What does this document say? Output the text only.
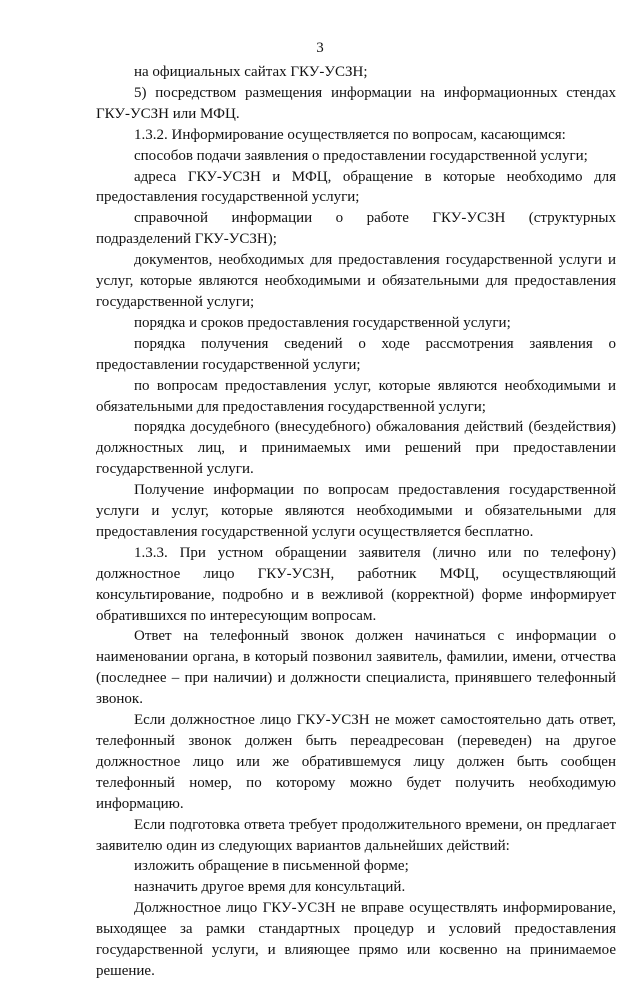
3

на официальных сайтах ГКУ-УСЗН;

5) посредством размещения информации на информационных стендах ГКУ-УСЗН или МФЦ.

1.3.2. Информирование осуществляется по вопросам, касающимся:

способов подачи заявления о предоставлении государственной услуги;

адреса ГКУ-УСЗН и МФЦ, обращение в которые необходимо для предоставления государственной услуги;

справочной информации о работе ГКУ-УСЗН (структурных подразделений ГКУ-УСЗН);

документов, необходимых для предоставления государственной услуги и услуг, которые являются необходимыми и обязательными для предоставления государственной услуги;

порядка и сроков предоставления государственной услуги;

порядка получения сведений о ходе рассмотрения заявления о предоставлении государственной услуги;

по вопросам предоставления услуг, которые являются необходимыми и обязательными для предоставления государственной услуги;

порядка досудебного (внесудебного) обжалования действий (бездействия) должностных лиц, и принимаемых ими решений при предоставлении государственной услуги.

Получение информации по вопросам предоставления государственной услуги и услуг, которые являются необходимыми и обязательными для предоставления государственной услуги осуществляется бесплатно.

1.3.3. При устном обращении заявителя (лично или по телефону) должностное лицо ГКУ-УСЗН, работник МФЦ, осуществляющий консультирование, подробно и в вежливой (корректной) форме информирует обратившихся по интересующим вопросам.

Ответ на телефонный звонок должен начинаться с информации о наименовании органа, в который позвонил заявитель, фамилии, имени, отчества (последнее – при наличии) и должности специалиста, принявшего телефонный звонок.

Если должностное лицо ГКУ-УСЗН не может самостоятельно дать ответ, телефонный звонок должен быть переадресован (переведен) на другое должностное лицо или же обратившемуся лицу должен быть сообщен телефонный номер, по которому можно будет получить необходимую информацию.

Если подготовка ответа требует продолжительного времени, он предлагает заявителю один из следующих вариантов дальнейших действий:

изложить обращение в письменной форме;

назначить другое время для консультаций.

Должностное лицо ГКУ-УСЗН не вправе осуществлять информирование, выходящее за рамки стандартных процедур и условий предоставления государственной услуги, и влияющее прямо или косвенно на принимаемое решение.
